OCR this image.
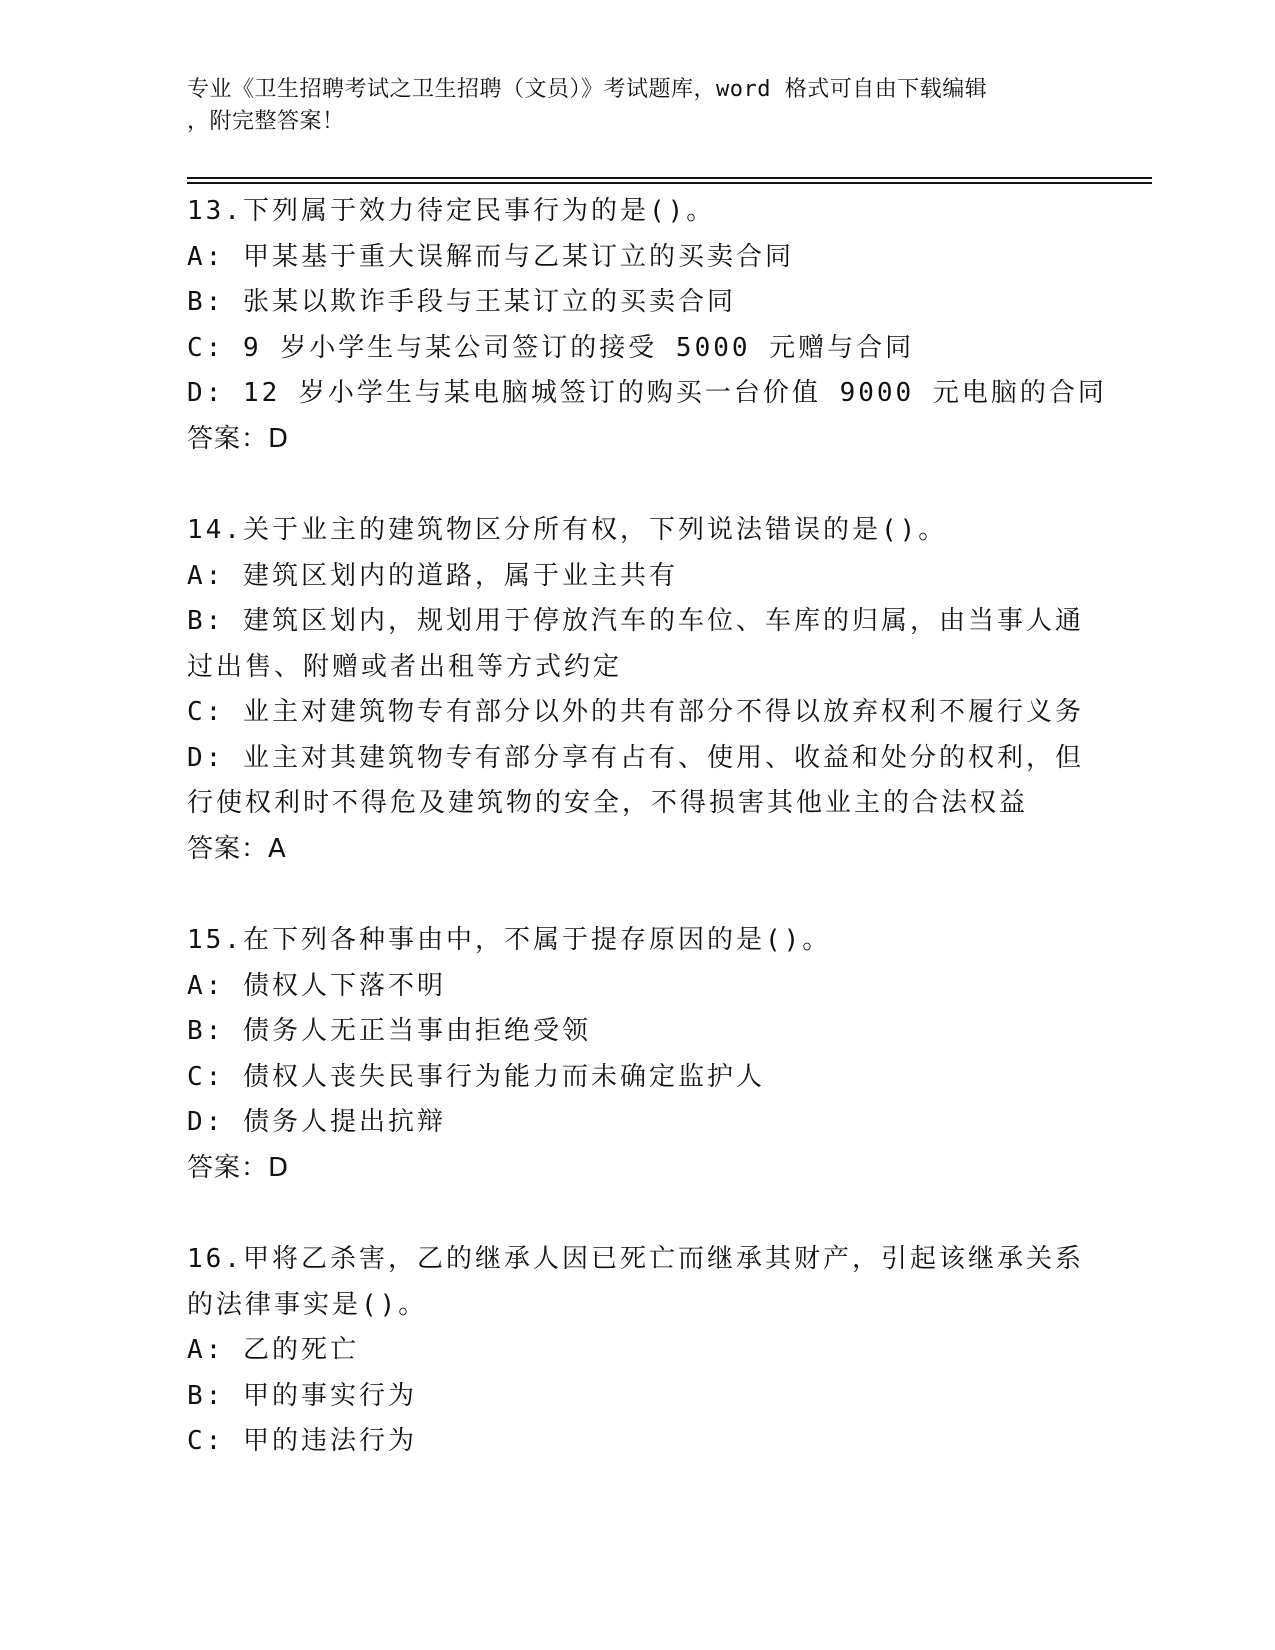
专业《卫生招聘考试之卫生招聘（文员）》考试题库，word 格式可自由下载编辑
，附完整答案！
13.下列属于效力待定民事行为的是()。
A: 甲某基于重大误解而与乙某订立的买卖合同
B: 张某以欺诈手段与王某订立的买卖合同
C: 9 岁小学生与某公司签订的接受 5000 元赠与合同
D: 12 岁小学生与某电脑城签订的购买一台价值 9000 元电脑的合同
答案：D
14.关于业主的建筑物区分所有权，下列说法错误的是()。
A: 建筑区划内的道路，属于业主共有
B: 建筑区划内，规划用于停放汽车的车位、车库的归属，由当事人通
过出售、附赠或者出租等方式约定
C: 业主对建筑物专有部分以外的共有部分不得以放弃权利不履行义务
D: 业主对其建筑物专有部分享有占有、使用、收益和处分的权利，但
行使权利时不得危及建筑物的安全，不得损害其他业主的合法权益
答案：A
15.在下列各种事由中，不属于提存原因的是()。
A: 债权人下落不明
B: 债务人无正当事由拒绝受领
C: 债权人丧失民事行为能力而未确定监护人
D: 债务人提出抗辩
答案：D
16.甲将乙杀害，乙的继承人因已死亡而继承其财产，引起该继承关系
的法律事实是()。
A: 乙的死亡
B: 甲的事实行为
C: 甲的违法行为
